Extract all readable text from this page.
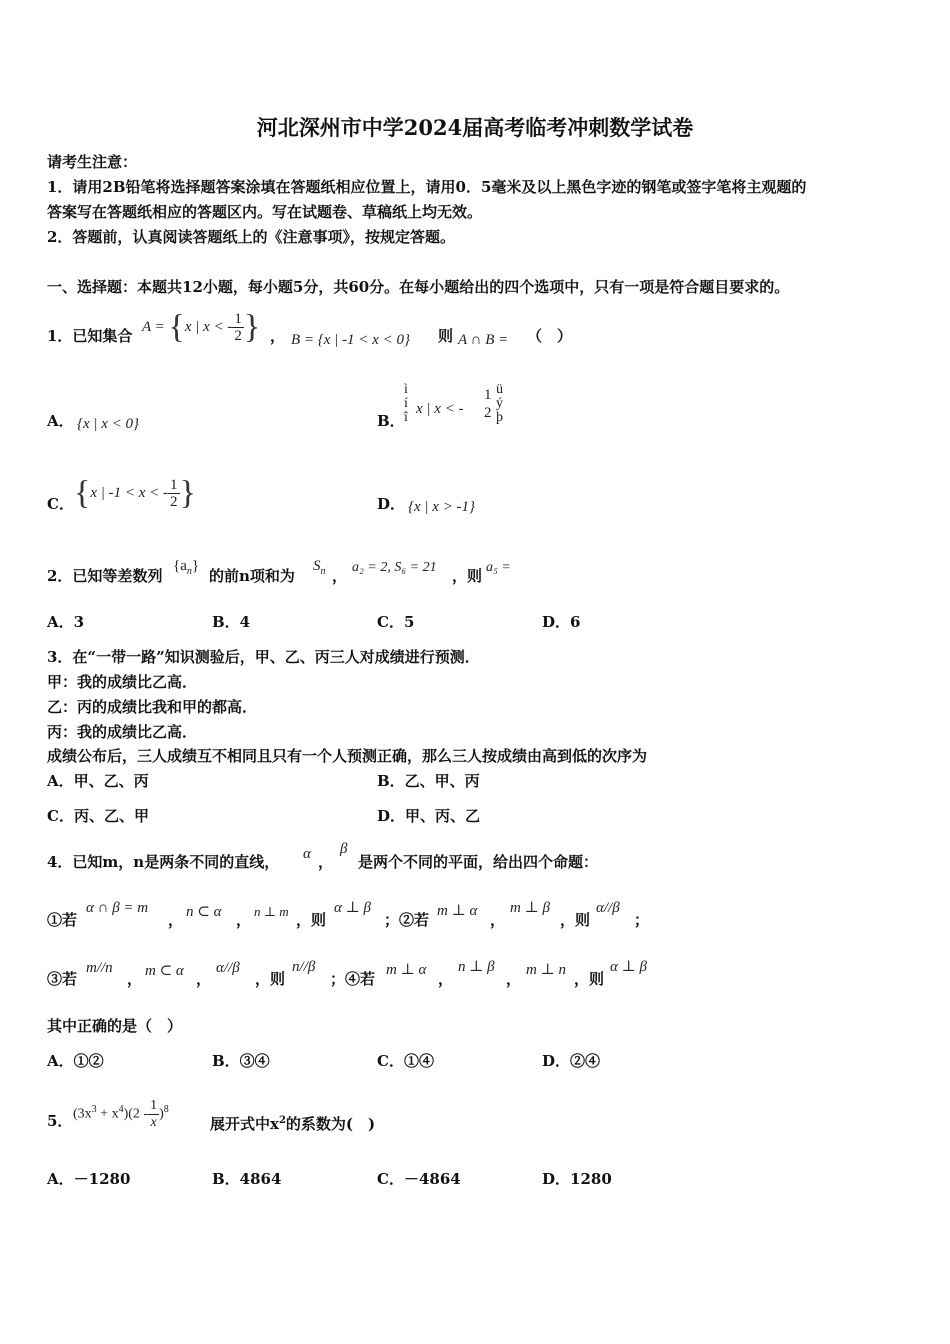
河北深州市中学2024届高考临考冲刺数学试卷
请考生注意：
1．请用2B铅笔将选择题答案涂填在答题纸相应位置上，请用0．5毫米及以上黑色字迹的钢笔或签字笔将主观题的
答案写在答题纸相应的答题区内。写在试题卷、草稿纸上均无效。
2．答题前，认真阅读答题纸上的《注意事项》，按规定答题。
一、选择题：本题共12小题，每小题5分，共60分。在每小题给出的四个选项中，只有一项是符合题目要求的。
1．已知集合 A = {x | x < - $\frac{1}{2}$ } ， B = {x | -1 < x < 0} 则 A ∩ B = （　）
A． {x | x < 0}	B．
ì
í
î
x | x < -
1
2
ü
ý
þ
C． {x | -1 < x < - $\frac{1}{2}$ }	D． {x | x > -1}
2．已知等差数列
$\{a_n\}$
的前n项和为
$S_n$ ， a₂ = 2, S₆ = 21 ，则 a₅ =
A．3	B．4	C．5	D．6
3．在“一带一路”知识测验后，甲、乙、丙三人对成绩进行预测．
甲：我的成绩比乙高．
乙：丙的成绩比我和甲的都高．
丙：我的成绩比乙高．
成绩公布后，三人成绩互不相同且只有一个人预测正确，那么三人按成绩由高到低的次序为
A．甲、乙、丙	B．乙、甲、丙
C．丙、乙、甲	D．甲、丙、乙
4．已知m，n是两条不同的直线， α ，
β
是两个不同的平面，给出四个命题：
①若
α ∩ β = m
， n ⊂ α ， n ⊥ m ，则
α ⊥ β
；②若 m ⊥ α ，
m ⊥ β
，则
α//β
；
③若
m//n
， m ⊂ α ，
α//β
，则
n//β
；④若 m ⊥ α ，
n ⊥ β
， m ⊥ n ，则
α ⊥ β
其中正确的是（　）
A．①②	B．③④	C．①④	D．②④
5． $(3x^3 + x^4)(2 - \frac{1}{x} )^8$
展开式中$x^2$的系数为(　)
A．－1280	B．4864	C．－4864	D．1280
